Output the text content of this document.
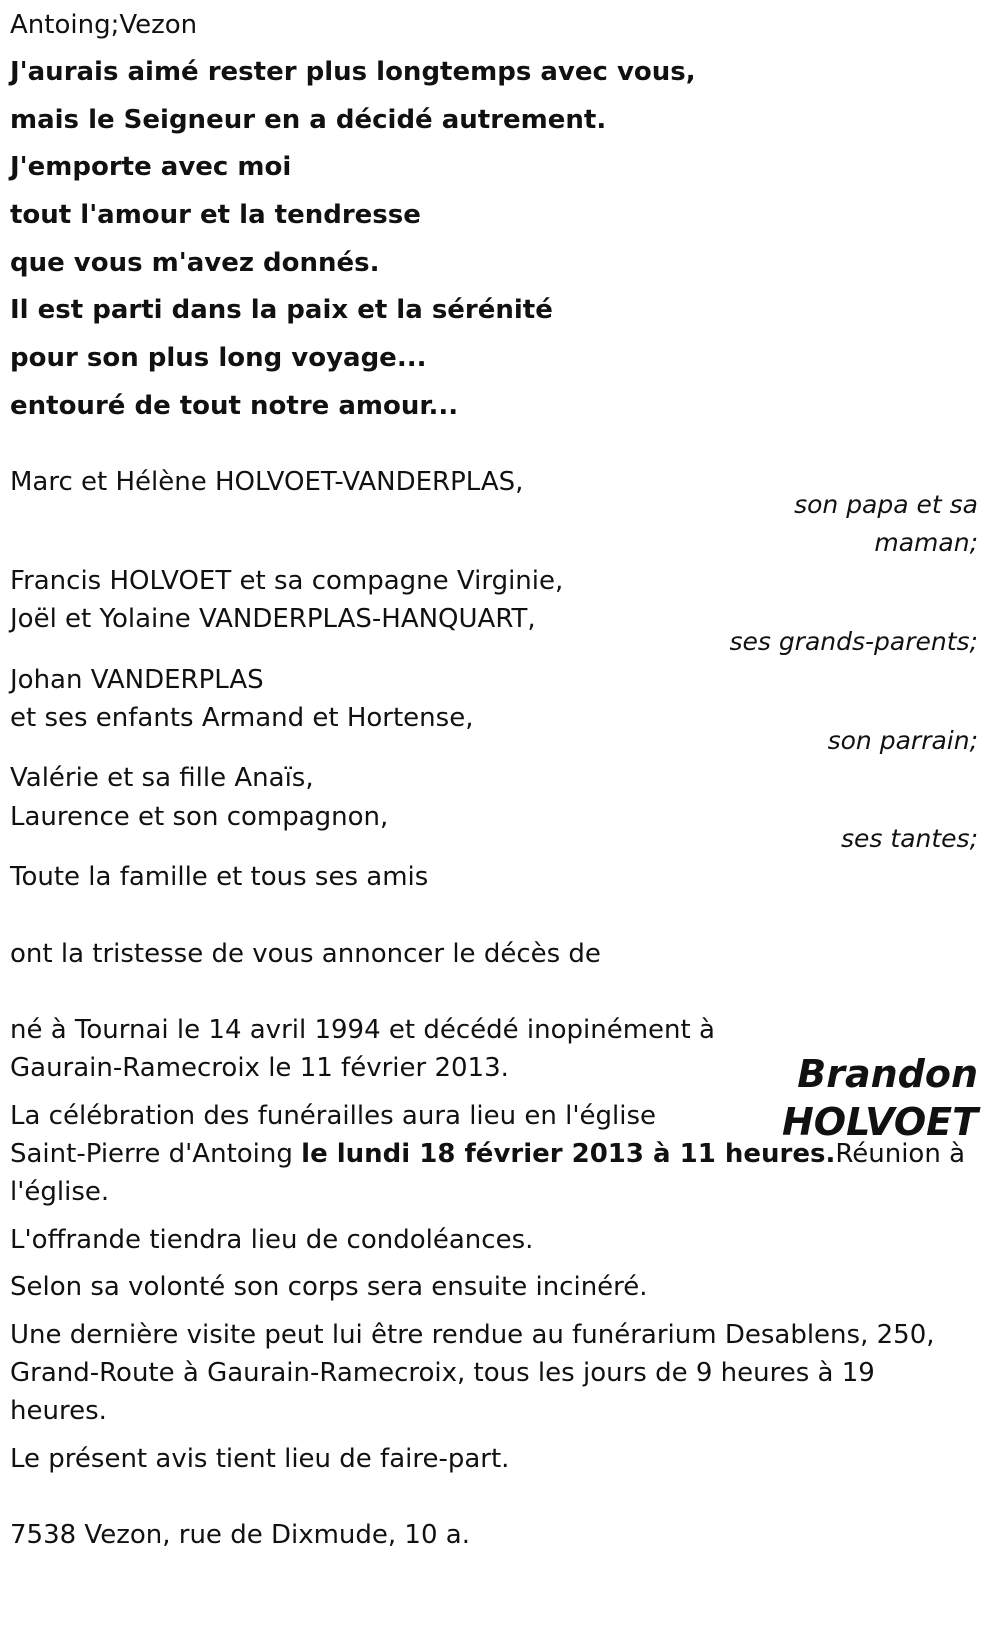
Antoing;Vezon
J'aurais aimé rester plus longtemps avec vous,
mais le Seigneur en a décidé autrement.
J'emporte avec moi
tout l'amour et la tendresse
que vous m'avez donnés.
Il est parti dans la paix et la sérénité
pour son plus long voyage...
entouré de tout notre amour...
Marc et Hélène HOLVOET-VANDERPLAS,
son papa et sa
maman;
Francis HOLVOET et sa compagne Virginie,
Joël et Yolaine VANDERPLAS-HANQUART,
ses grands-parents;
Johan VANDERPLAS
et ses enfants Armand et Hortense,
son parrain;
Valérie et sa fille Anaïs,
Laurence et son compagnon,
ses tantes;
Toute la famille et tous ses amis
ont la tristesse de vous annoncer le décès de
Brandon
HOLVOET
né à Tournai le 14 avril 1994 et décédé inopinément à
Gaurain-Ramecroix le 11 février 2013.
La célébration des funérailles aura lieu en l'église
Saint-Pierre d'Antoing le lundi 18 février 2013 à 11 heures.Réunion à
l'église.
L'offrande tiendra lieu de condoléances.
Selon sa volonté son corps sera ensuite incinéré.
Une dernière visite peut lui être rendue au funérarium Desablens, 250,
Grand-Route à Gaurain-Ramecroix, tous les jours de 9 heures à 19
heures.
Le présent avis tient lieu de faire-part.
7538 Vezon, rue de Dixmude, 10 a.
